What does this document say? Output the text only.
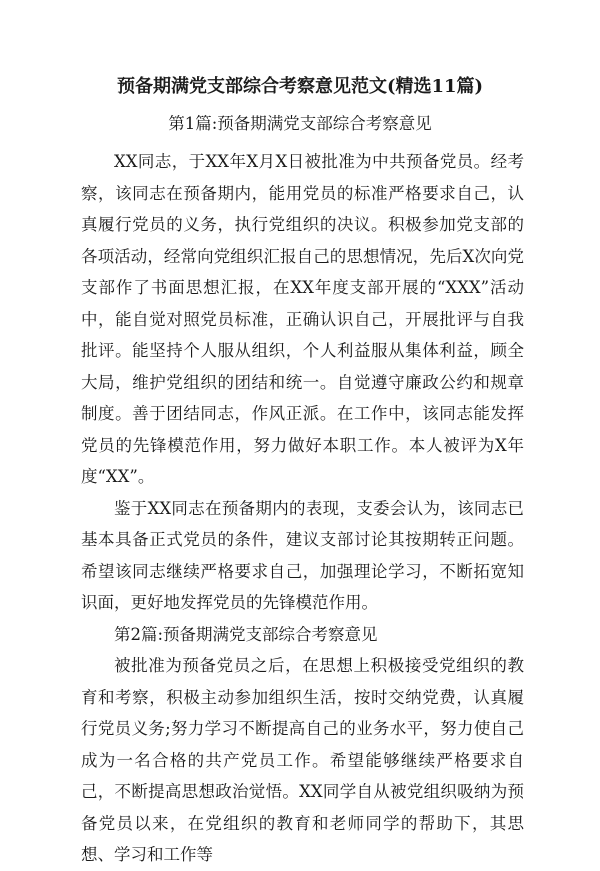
预备期满党支部综合考察意见范文(精选11篇)
第1篇:预备期满党支部综合考察意见

XX同志，于XX年X月X日被批准为中共预备党员。经考察，该同志在预备期内，能用党员的标准严格要求自己，认真履行党员的义务，执行党组织的决议。积极参加党支部的各项活动，经常向党组织汇报自己的思想情况，先后X次向党支部作了书面思想汇报，在XX年度支部开展的“XXX”活动中，能自觉对照党员标准，正确认识自己，开展批评与自我批评。能坚持个人服从组织，个人利益服从集体利益，顾全大局，维护党组织的团结和统一。自觉遵守廉政公约和规章制度。善于团结同志，作风正派。在工作中，该同志能发挥党员的先锋模范作用，努力做好本职工作。本人被评为X年度“XX”。

鉴于XX同志在预备期内的表现，支委会认为，该同志已基本具备正式党员的条件，建议支部讨论其按期转正问题。希望该同志继续严格要求自己，加强理论学习，不断拓宽知识面，更好地发挥党员的先锋模范作用。

第2篇:预备期满党支部综合考察意见

被批准为预备党员之后，在思想上积极接受党组织的教育和考察，积极主动参加组织生活，按时交纳党费，认真履行党员义务;努力学习不断提高自己的业务水平，努力使自己成为一名合格的共产党员工作。希望能够继续严格要求自己，不断提高思想政治觉悟。XX同学自从被党组织吸纳为预备党员以来，在党组织的教育和老师同学的帮助下，其思想、学习和工作等
